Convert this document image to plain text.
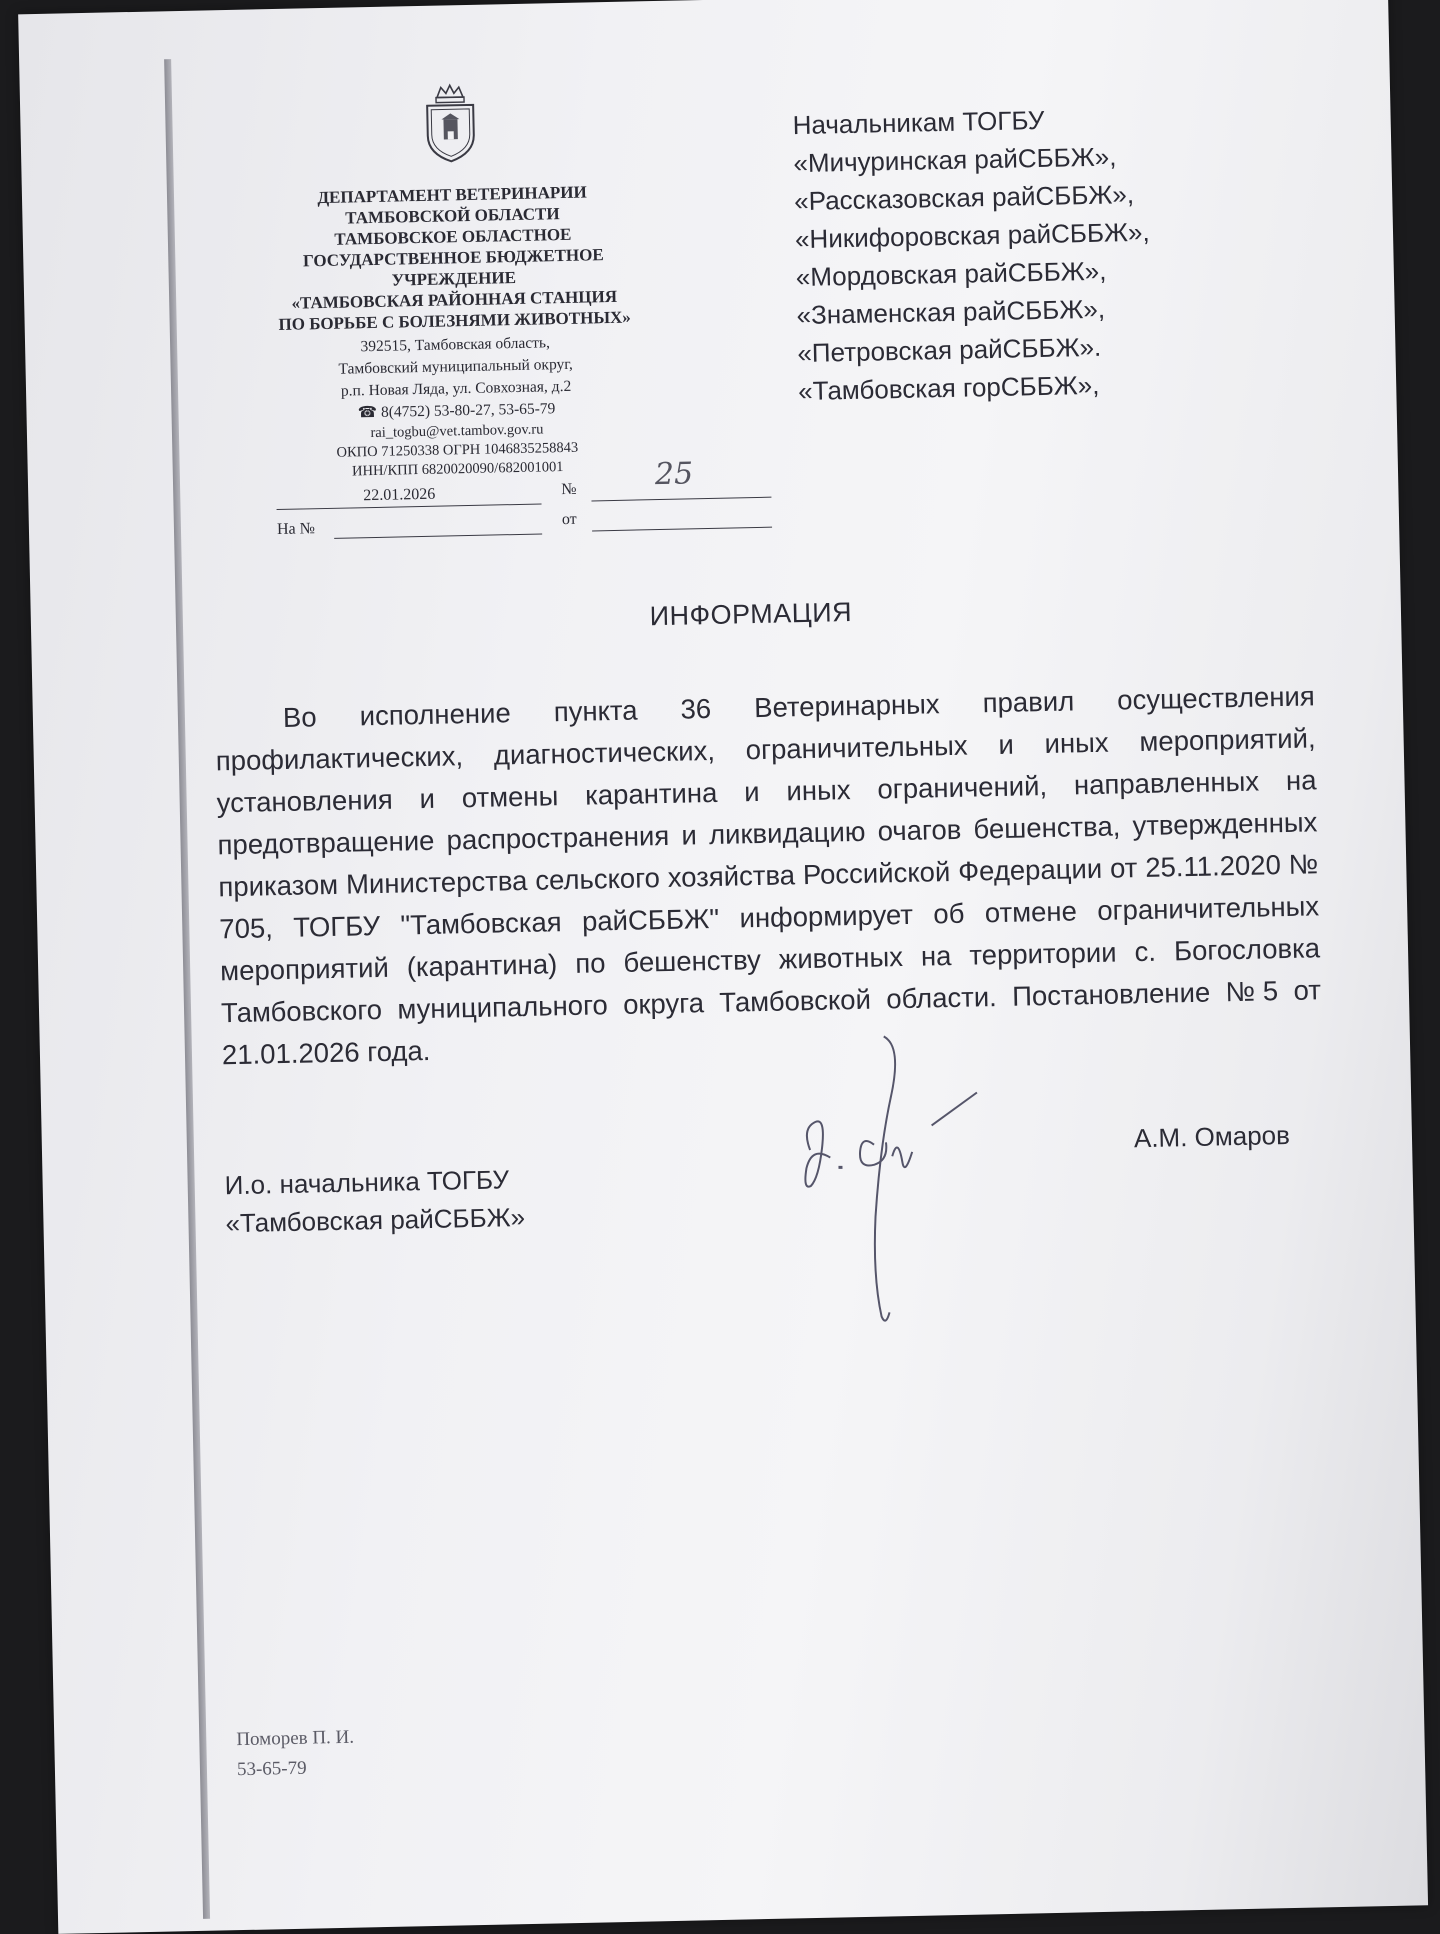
ДЕПАРТАМЕНТ ВЕТЕРИНАРИИ
ТАМБОВСКОЙ ОБЛАСТИ
ТАМБОВСКОЕ ОБЛАСТНОЕ
ГОСУДАРСТВЕННОЕ БЮДЖЕТНОЕ
УЧРЕЖДЕНИЕ
«ТАМБОВСКАЯ РАЙОННАЯ СТАНЦИЯ
ПО БОРЬБЕ С БОЛЕЗНЯМИ ЖИВОТНЫХ»
392515, Тамбовская область,
Тамбовский муниципальный округ,
р.п. Новая Ляда, ул. Совхозная, д.2
☎ 8(4752) 53-80-27, 53-65-79
rai_togbu@vet.tambov.gov.ru
ОКПО 71250338 ОГРН 1046835258843
ИНН/КПП 6820020090/682001001
22.01.2026	№	25
На №
от
Начальникам ТОГБУ
«Мичуринская райСББЖ»,
«Рассказовская райСББЖ»,
«Никифоровская райСББЖ»,
«Мордовская райСББЖ»,
«Знаменская райСББЖ»,
«Петровская райСББЖ».
«Тамбовская горСББЖ»,
ИНФОРМАЦИЯ
Во исполнение пункта 36 Ветеринарных правил осуществления профилактических, диагностических, ограничительных и иных мероприятий, установления и отмены карантина и иных ограничений, направленных на предотвращение распространения и ликвидацию очагов бешенства, утвержденных приказом Министерства сельского хозяйства Российской Федерации от 25.11.2020 № 705, ТОГБУ "Тамбовская райСББЖ" информирует об отмене ограничительных мероприятий (карантина) по бешенству животных на территории с. Богословка Тамбовского муниципального округа Тамбовской области. Постановление №5 от 21.01.2026 года.
И.о. начальника ТОГБУ
«Тамбовская райСББЖ»
А.М. Омаров
Поморев П. И.
53-65-79
